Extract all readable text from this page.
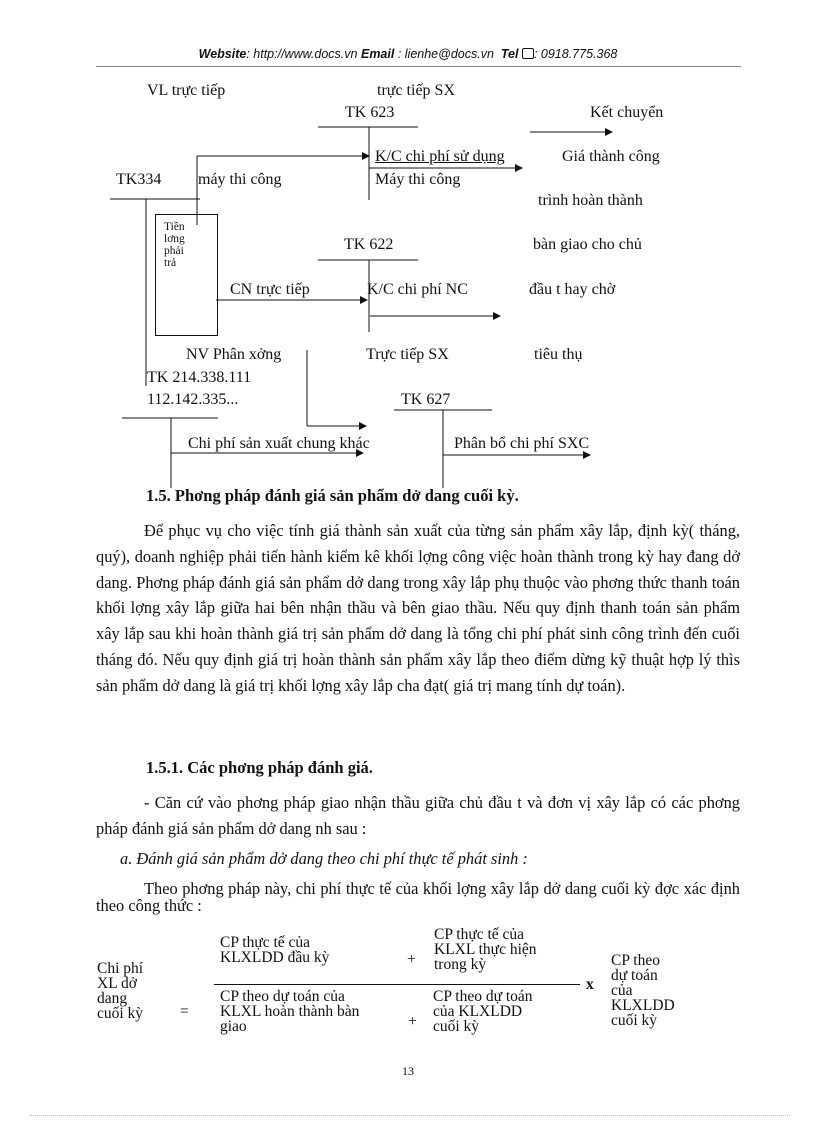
Website: http://www.docs.vn Email : lienhe@docs.vn Tel : 0918.775.368
VL trực tiếp	trực tiếp SX
TK 623	Kết chuyển
K/C chi phí sử dụng	Giá thành công
TK334 máy thi công	Máy thi công
trình hoàn thành
Tiền
lơng
phải
trả
TK 622	bàn giao cho chủ
CN trực tiếp	K/C chi phí NC	đầu t hay chờ
NV Phân xởng	Trực tiếp SX	tiêu thụ
TK 214.338.111
112.142.335...	TK 627
Chi phí sản xuất chung khác	Phân bổ chi phí SXC
1.5. Phơng pháp đánh giá sản phẩm dở dang cuối kỳ.
Để phục vụ cho việc tính giá thành sản xuất của từng sản phẩm xây lắp, định kỳ( tháng, quý), doanh nghiệp phải tiến hành kiểm kê khối lợng công việc hoàn thành trong kỳ hay đang dở dang. Phơng pháp đánh giá sản phẩm dở dang trong xây lắp phụ thuộc vào phơng thức thanh toán khối lợng xây lắp giữa hai bên nhận thầu và bên giao thầu. Nếu quy định thanh toán sản phẩm xây lắp sau khi hoàn thành giá trị sản phẩm dở dang là tổng chi phí phát sinh công trình đến cuối tháng đó. Nếu quy định giá trị hoàn thành sản phẩm xây lắp theo điểm dừng kỹ thuật hợp lý thìs sản phẩm dở dang là giá trị khối lợng xây lắp cha đạt( giá trị mang tính dự toán).
1.5.1. Các phơng pháp đánh giá.
- Căn cứ vào phơng pháp giao nhận thầu giữa chủ đầu t và đơn vị xây lắp có các phơng pháp đánh giá sản phẩm dở dang nh sau :
a. Đánh giá sản phẩm dở dang theo chi phí thực tế phát sinh :
Theo phơng pháp này, chi phí thực tế của khối lợng xây lắp dở dang cuối kỳ đợc xác định theo công thức :
Chi phí
XL dở
dang
cuối kỳ =
CP thực tế của
KLXLDD đầu kỳ	+
CP thực tế của
KLXL thực hiện
trong kỳ
x
CP theo dự toán của
KLXL hoàn thành bàn
giao	+
CP theo dự toán
của KLXLDD
cuối kỳ
CP theo
dự toán
của
KLXLDD
cuối kỳ
13
